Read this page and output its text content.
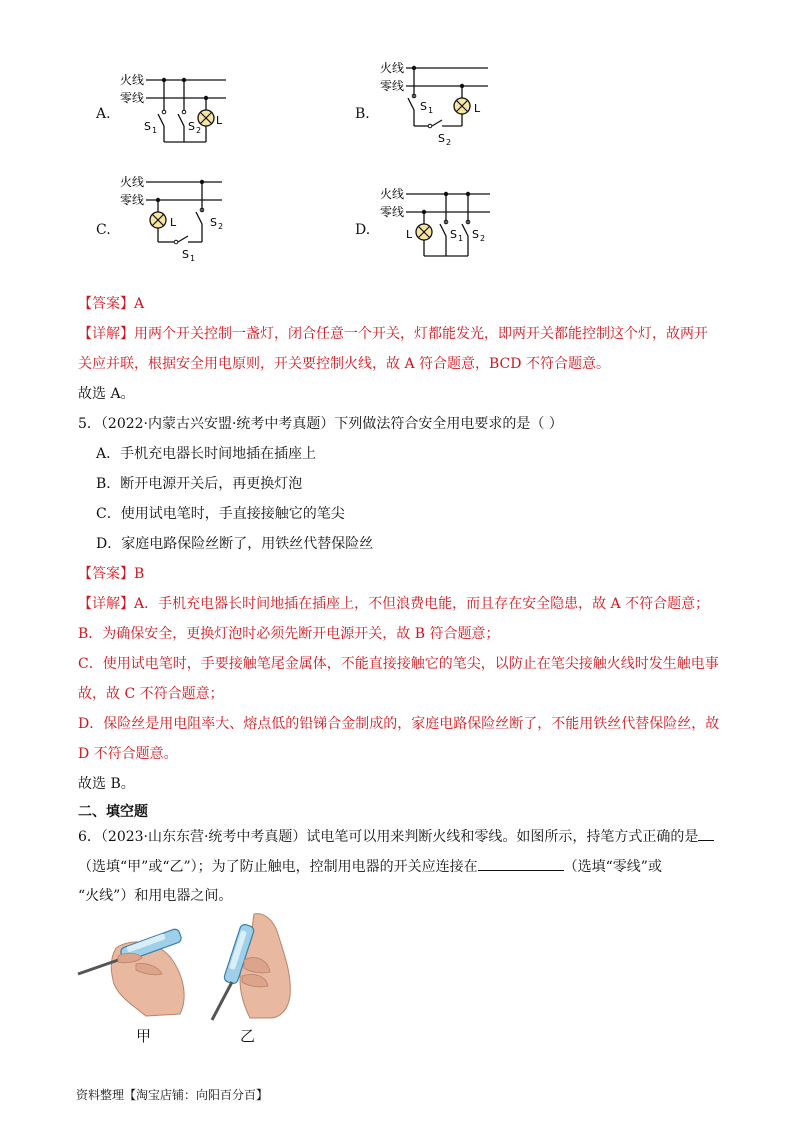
A.
火线
零线
S 1	S 2
L	B.
火线
零线
S 1
S 2
L
C.
火线
零线
L
S 1
S 2	D.
火线
零线
L	S 1 S 2
【答案】A
【详解】用两个开关控制一盏灯，闭合任意一个开关，灯都能发光，即两开关都能控制这个灯，故两开
关应并联，根据安全用电原则，开关要控制火线，故 A 符合题意，BCD 不符合题意。
故选 A。
5．（2022·内蒙古兴安盟·统考中考真题）下列做法符合安全用电要求的是（ ）
A．手机充电器长时间地插在插座上
B．断开电源开关后，再更换灯泡
C．使用试电笔时，手直接接触它的笔尖
D．家庭电路保险丝断了，用铁丝代替保险丝
【答案】B
【详解】A．手机充电器长时间地插在插座上，不但浪费电能，而且存在安全隐患，故 A 不符合题意；
B．为确保安全，更换灯泡时必须先断开电源开关，故 B 符合题意；
C．使用试电笔时，手要接触笔尾金属体，不能直接接触它的笔尖，以防止在笔尖接触火线时发生触电事
故，故 C 不符合题意；
D．保险丝是用电阻率大、熔点低的铅锑合金制成的，家庭电路保险丝断了，不能用铁丝代替保险丝，故
D 不符合题意。
故选 B。
二、填空题
6．（2023·山东东营·统考中考真题）试电笔可以用来判断火线和零线。如图所示，持笔方式正确的是
（选填“甲”或“乙”）；为了防止触电，控制用电器的开关应连接在	（选填“零线”或
“火线”）和用电器之间。
甲	乙
资料整理【淘宝店铺：向阳百分百】
